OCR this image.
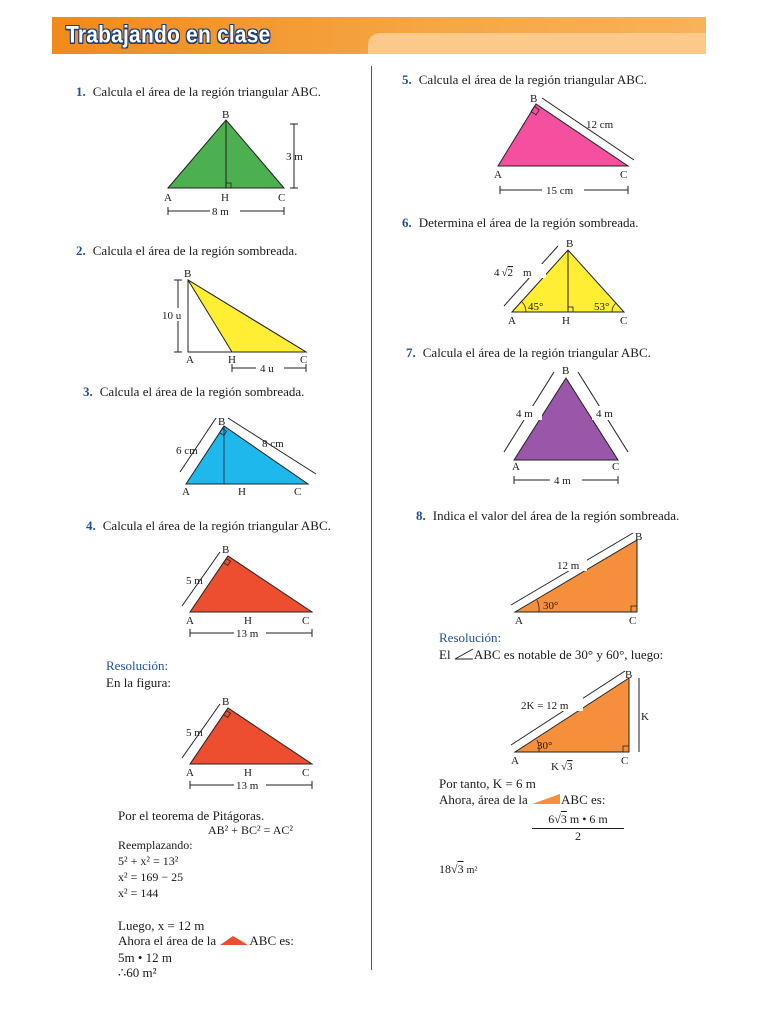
Trabajando en clase
1. Calcula el área de la región triangular ABC.
B
A	H	C
3 m
8 m
2. Calcula el área de la región sombreada.
B
A	H	C
10 u
4 u
3. Calcula el área de la región sombreada.
B
A	H	C
6 cm
8 cm
4. Calcula el área de la región triangular ABC.
B
A	H	C
5 m
13 m
Resolución:
En la figura:
B
A	H	C
5 m
13 m
Por el teorema de Pitágoras.
AB² + BC² = AC²
Reemplazando:
5² + x² = 13²
x² = 169 − 25
x² = 144
Luego, x = 12 m
Ahora el área de la	ABC es:
5m • 12 m
∴60 m²
5. Calcula el área de la región triangular ABC.
B
A	C
12 cm
15 cm
6. Determina el área de la región sombreada.
4 √2 m
B
A	H	C
45°	53°
7. Calcula el área de la región triangular ABC.
B
A	C
4 m	4 m
4 m
8. Indica el valor del área de la región sombreada.
B
A	C
12 m
30°
Resolución:
El ABC es notable de 30° y 60°, luego:
B
A	C
2K = 12 m
K
30°
K √3
Por tanto, K = 6 m
Ahora, área de la	ABC es:
$\frac{6√3 m • 6 m}{2}$
18√3 m²
